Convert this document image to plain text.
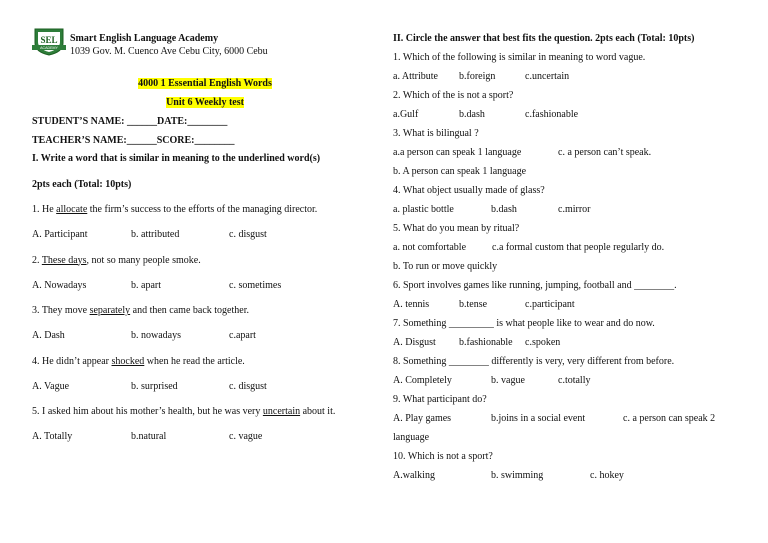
SEL
ACADEMY
Smart English Language Academy
1039 Gov. M. Cuenco Ave Cebu City, 6000 Cebu
4000 1 Essential English Words
Unit 6 Weekly test
STUDENT’S NAME: ______DATE:________
TEACHER’S NAME:______SCORE:________
I. Write a word that is similar in meaning to the underlined word(s)
2pts each (Total: 10pts)
1. He allocate the firm’s success to the efforts of the managing director.
A. Participant	b. attributed	c. disgust
2. These days, not so many people smoke.
A. Nowadays	b. apart	c. sometimes
3. They move separately and then came back together.
A. Dash	b. nowadays	c.apart
4. He didn’t appear shocked when he read the article.
A. Vague	b. surprised	c. disgust
5. I asked him about his mother’s health, but he was very uncertain about it.
A. Totally	b.natural	c. vague
II. Circle the answer that best fits the question. 2pts each (Total: 10pts)
1. Which of the following is similar in meaning to word vague.
a. Attribute b.foreign	c.uncertain
2. Which of the is not a sport?
a.Gulf	b.dash	c.fashionable
3. What is bilingual ?
a.a person can speak 1 language	c. a person can’t speak.
b. A person can speak 1 language
4. What object usually made of glass?
a. plastic bottle	b.dash	c.mirror
5. What do you mean by ritual?
a. not comfortable	c.a formal custom that people regularly do.
b. To run or move quickly
6. Sport involves games like running, jumping, football and ________.
A. tennis	b.tense	c.participant
7. Something _________ is what people like to wear and do now.
A. Disgust b.fashionable c.spoken
8. Something ________ differently is very, very different from before.
A. Completely	b. vague	c.totally
9. What participant do?
A. Play games	b.joins in a social event	c. a person can speak 2
language
10. Which is not a sport?
A.walking	b. swimming	c. hokey
